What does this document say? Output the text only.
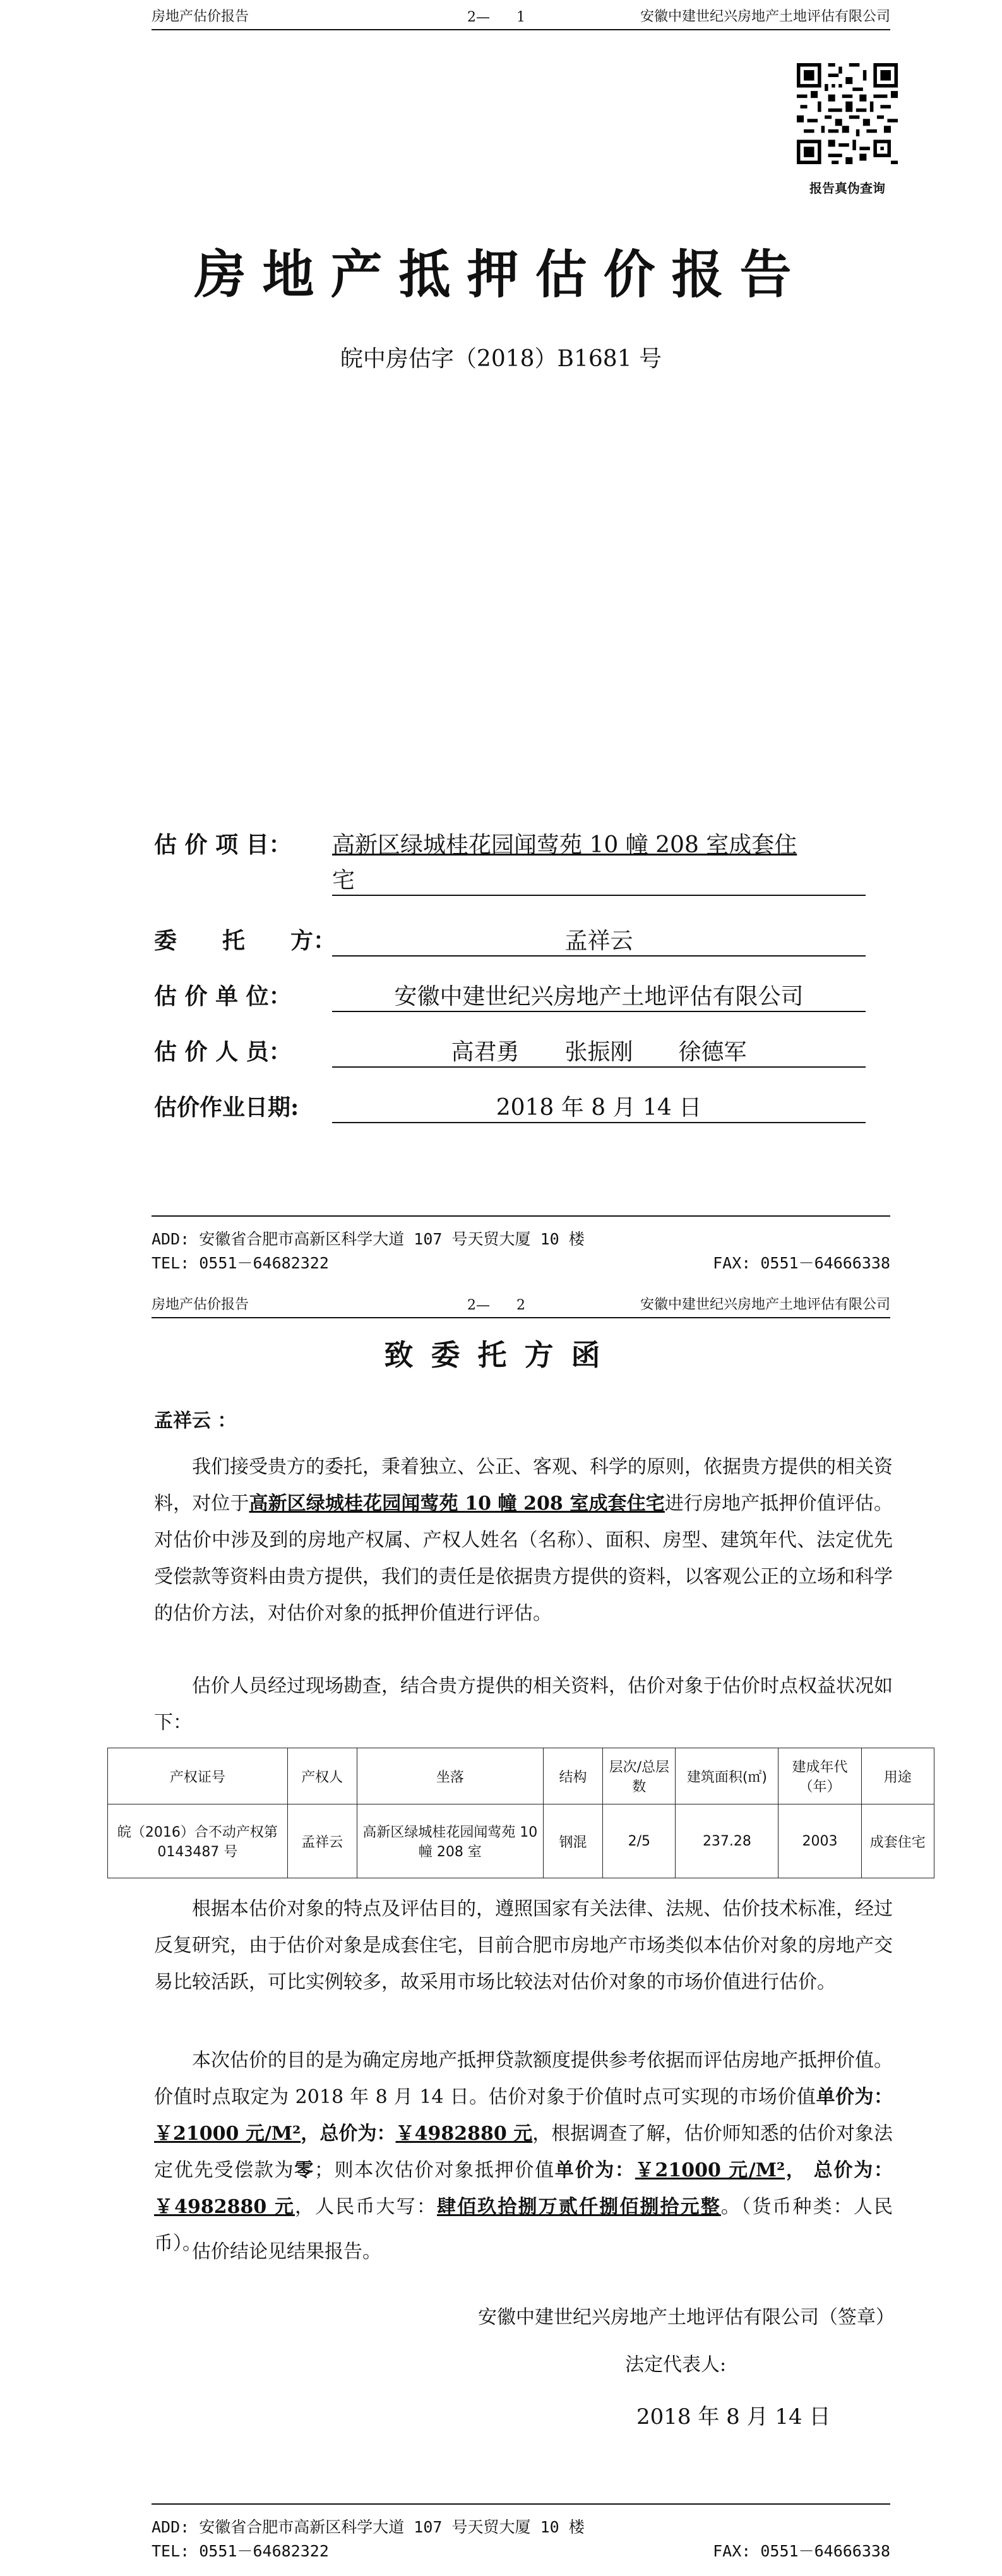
房地产估价报告	2—      1	安徽中建世纪兴房地产土地评估有限公司
报告真伪查询
房地产抵押估价报告
皖中房估字（2018）B1681 号
估 价 项 目： 高新区绿城桂花园闻莺苑 10 幢 208 室成套住
宅
委　　托　　方：	孟祥云
估 价 单 位：	安徽中建世纪兴房地产土地评估有限公司
估 价 人 员：	高君勇　　张振刚　　徐德军
估价作业日期:	2018 年 8 月 14 日
ADD: 安徽省合肥市高新区科学大道 107 号天贸大厦 10 楼
TEL: 0551－64682322	FAX: 0551－64666338
房地产估价报告	2—      2	安徽中建世纪兴房地产土地评估有限公司
致委托方函
孟祥云 ：
我们接受贵方的委托，秉着独立、公正、客观、科学的原则，依据贵方提供的相关资料，对位于高新区绿城桂花园闻莺苑 10 幢 208 室成套住宅进行房地产抵押价值评估。对估价中涉及到的房地产权属、产权人姓名（名称）、面积、房型、建筑年代、法定优先受偿款等资料由贵方提供，我们的责任是依据贵方提供的资料，以客观公正的立场和科学的估价方法，对估价对象的抵押价值进行评估。
估价人员经过现场勘查，结合贵方提供的相关资料，估价对象于估价时点权益状况如下：
产权证号	产权人	坐落	结构	层次/总层数	建筑面积(㎡)	建成年代（年）	用途
皖（2016）合不动产权第 0143487 号	孟祥云	高新区绿城桂花园闻莺苑 10 幢 208 室	钢混	2/5	237.28	2003	成套住宅
根据本估价对象的特点及评估目的，遵照国家有关法律、法规、估价技术标准，经过反复研究，由于估价对象是成套住宅，目前合肥市房地产市场类似本估价对象的房地产交易比较活跃，可比实例较多，故采用市场比较法对估价对象的市场价值进行估价。
本次估价的目的是为确定房地产抵押贷款额度提供参考依据而评估房地产抵押价值。价值时点取定为 2018 年 8 月 14 日。估价对象于价值时点可实现的市场价值单价为：￥21000 元/M²，总价为：￥4982880 元，根据调查了解，估价师知悉的估价对象法定优先受偿款为零；则本次估价对象抵押价值单价为：￥21000 元/M²， 总价为：￥4982880 元，人民币大写：肆佰玖拾捌万贰仟捌佰捌拾元整。（货币种类：人民币）。
估价结论见结果报告。
安徽中建世纪兴房地产土地评估有限公司（签章）
法定代表人:
2018 年 8 月 14 日
ADD: 安徽省合肥市高新区科学大道 107 号天贸大厦 10 楼
TEL: 0551－64682322	FAX: 0551－64666338
